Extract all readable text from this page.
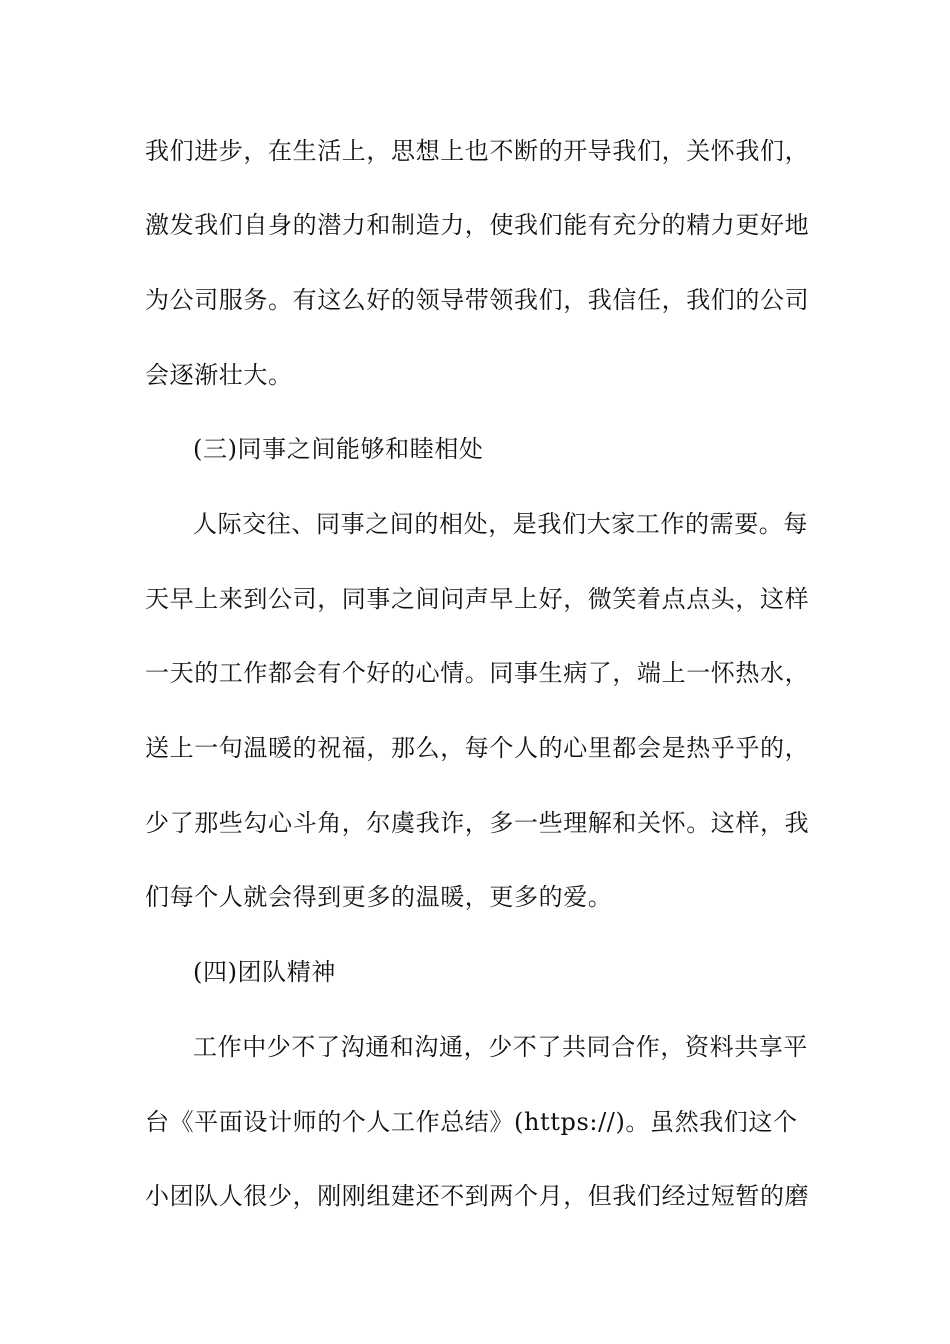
我们进步，在生活上，思想上也不断的开导我们，关怀我们，
激发我们自身的潜力和制造力，使我们能有充分的精力更好地
为公司服务。有这么好的领导带领我们，我信任，我们的公司
会逐渐壮大。
(三)同事之间能够和睦相处
人际交往、同事之间的相处，是我们大家工作的需要。每
天早上来到公司，同事之间问声早上好，微笑着点点头，这样
一天的工作都会有个好的心情。同事生病了，端上一怀热水，
送上一句温暖的祝福，那么，每个人的心里都会是热乎乎的，
少了那些勾心斗角，尔虞我诈，多一些理解和关怀。这样，我
们每个人就会得到更多的温暖，更多的爱。
(四)团队精神
工作中少不了沟通和沟通，少不了共同合作，资料共享平
台《平面设计师的个人工作总结》(https://)。虽然我们这个
小团队人很少，刚刚组建还不到两个月，但我们经过短暂的磨
